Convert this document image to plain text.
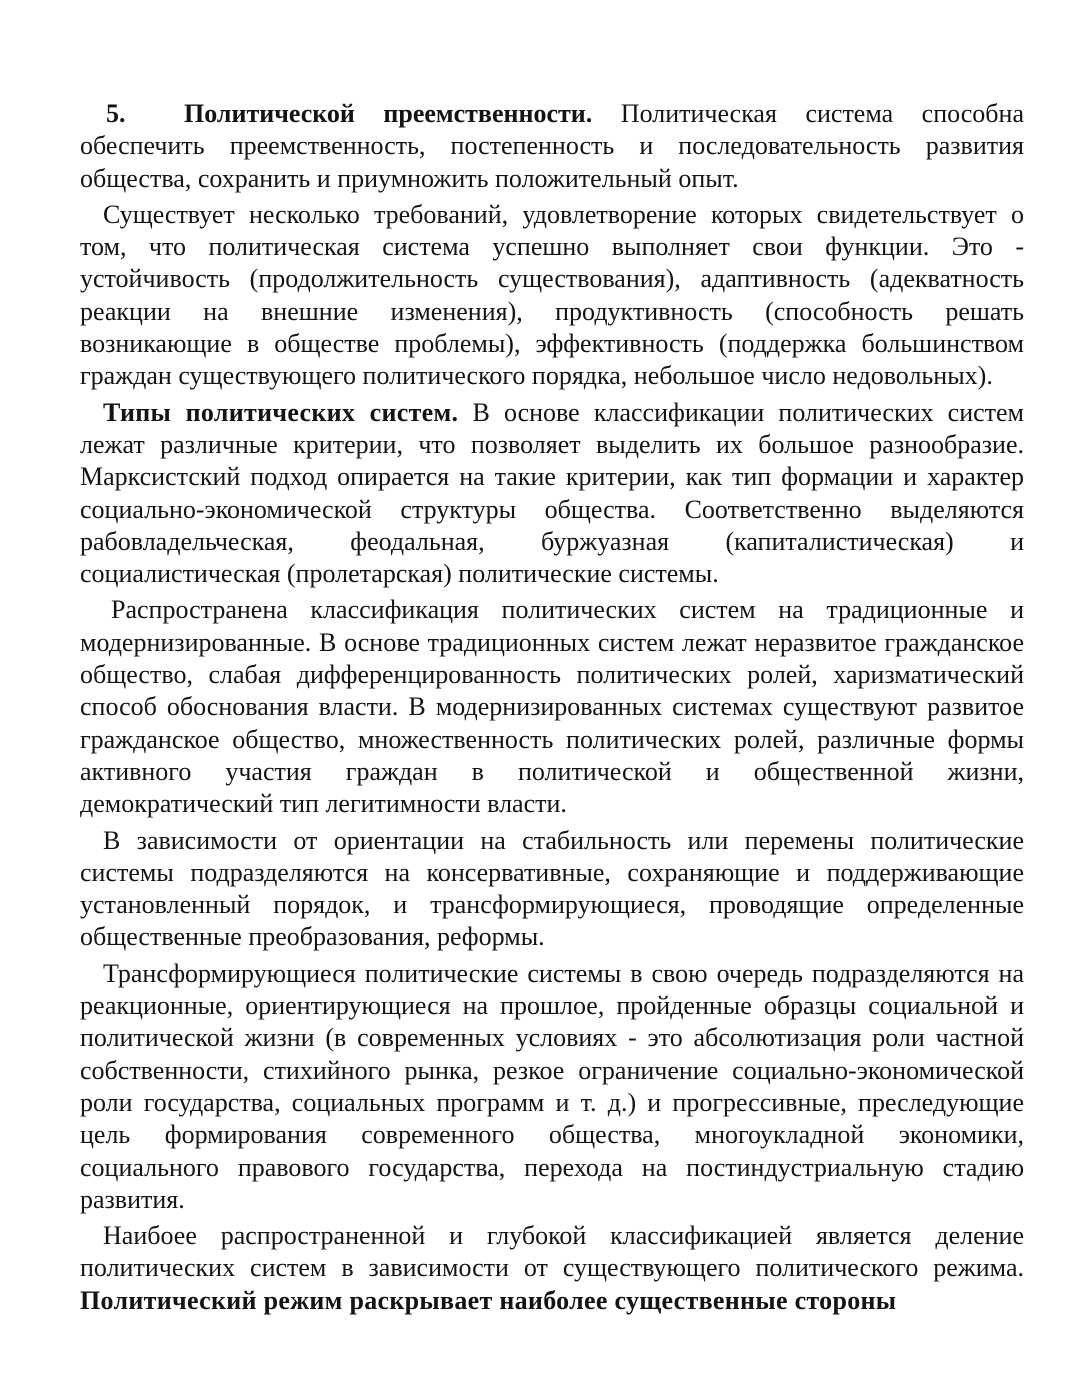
5. Политической преемственности. Политическая система способна обеспечить преемственность, постепенность и последовательность развития общества, сохранить и приумножить положительный опыт.

Существует несколько требований, удовлетворение которых свидетельствует о том, что политическая система успешно выполняет свои функции. Это - устойчивость (продолжительность существования), адаптивность (адекватность реакции на внешние изменения), продуктивность (способность решать возникающие в обществе проблемы), эффективность (поддержка большинством граждан существующего политического порядка, небольшое число недовольных).

Типы политических систем. В основе классификации политических систем лежат различные критерии, что позволяет выделить их большое разнообразие. Марксистский подход опирается на такие критерии, как тип формации и характер социально-экономической структуры общества. Соответственно выделяются рабовладельческая, феодальная, буржуазная (капиталистическая) и социалистическая (пролетарская) политические системы.

Распространена классификация политических систем на традиционные и модернизированные. В основе традиционных систем лежат неразвитое гражданское общество, слабая дифференцированность политических ролей, харизматический способ обоснования власти. В модернизированных системах существуют развитое гражданское общество, множественность политических ролей, различные формы активного участия граждан в политической и общественной жизни, демократический тип легитимности власти.

В зависимости от ориентации на стабильность или перемены политические системы подразделяются на консервативные, сохраняющие и поддерживающие установленный порядок, и трансформирующиеся, проводящие определенные общественные преобразования, реформы.

Трансформирующиеся политические системы в свою очередь подразделяются на реакционные, ориентирующиеся на прошлое, пройденные образцы социальной и политической жизни (в современных условиях - это абсолютизация роли частной собственности, стихийного рынка, резкое ограничение социально-экономической роли государства, социальных программ и т. д.) и прогрессивные, преследующие цель формирования современного общества, многоукладной экономики, социального правового государства, перехода на постиндустриальную стадию развития.

Наибоее распространенной и глубокой классификацией является деление политических систем в зависимости от существующего политического режима. Политический режим раскрывает наиболее существенные стороны
